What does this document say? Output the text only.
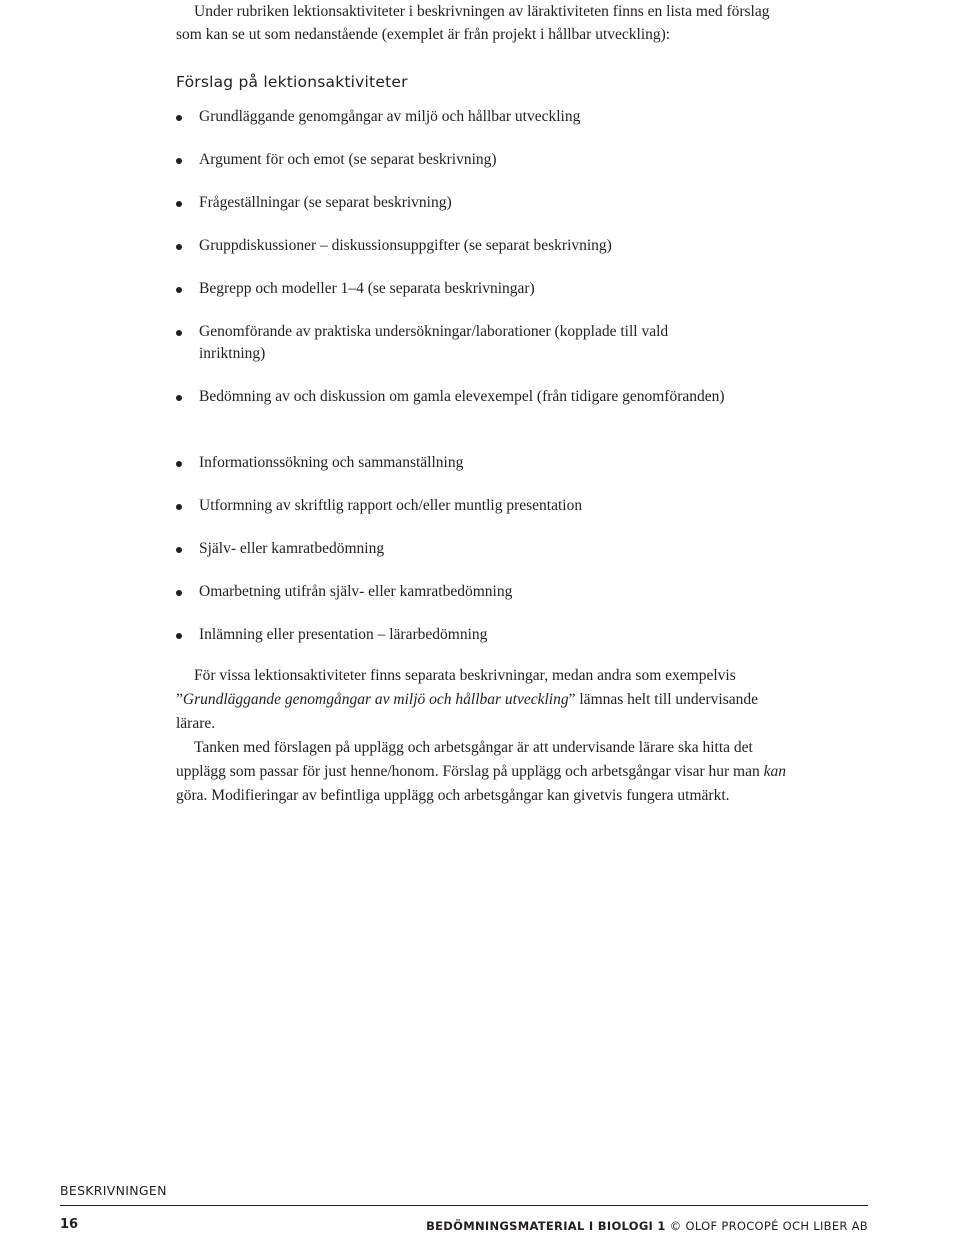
Under rubriken lektionsaktiviteter i beskrivningen av läraktiviteten finns en lista med förslag som kan se ut som nedanstående (exemplet är från projekt i hållbar utveckling):

Förslag på lektionsaktiviteter
Grundläggande genomgångar av miljö och hållbar utveckling
Argument för och emot (se separat beskrivning)
Frågeställningar (se separat beskrivning)
Gruppdiskussioner – diskussionsuppgifter (se separat beskrivning)
Begrepp och modeller 1–4 (se separata beskrivningar)
Genomförande av praktiska undersökningar/laborationer (kopplade till vald inriktning)
Bedömning av och diskussion om gamla elevexempel (från tidigare genomföranden)
Informationssökning och sammanställning
Utformning av skriftlig rapport och/eller muntlig presentation
Själv- eller kamratbedömning
Omarbetning utifrån själv- eller kamratbedömning
Inlämning eller presentation – lärarbedömning

För vissa lektionsaktiviteter finns separata beskrivningar, medan andra som exempelvis ”Grundläggande genomgångar av miljö och hållbar utveckling” lämnas helt till undervisande lärare.

Tanken med förslagen på upplägg och arbetsgångar är att undervisande lärare ska hitta det upplägg som passar för just henne/honom. Förslag på upplägg och arbetsgångar visar hur man kan göra. Modifieringar av befintliga upplägg och arbetsgångar kan givetvis fungera utmärkt.

BESKRIVNINGEN
16	BEDÖMNINGSMATERIAL I BIOLOGI 1 © OLOF PROCOPÉ OCH LIBER AB
